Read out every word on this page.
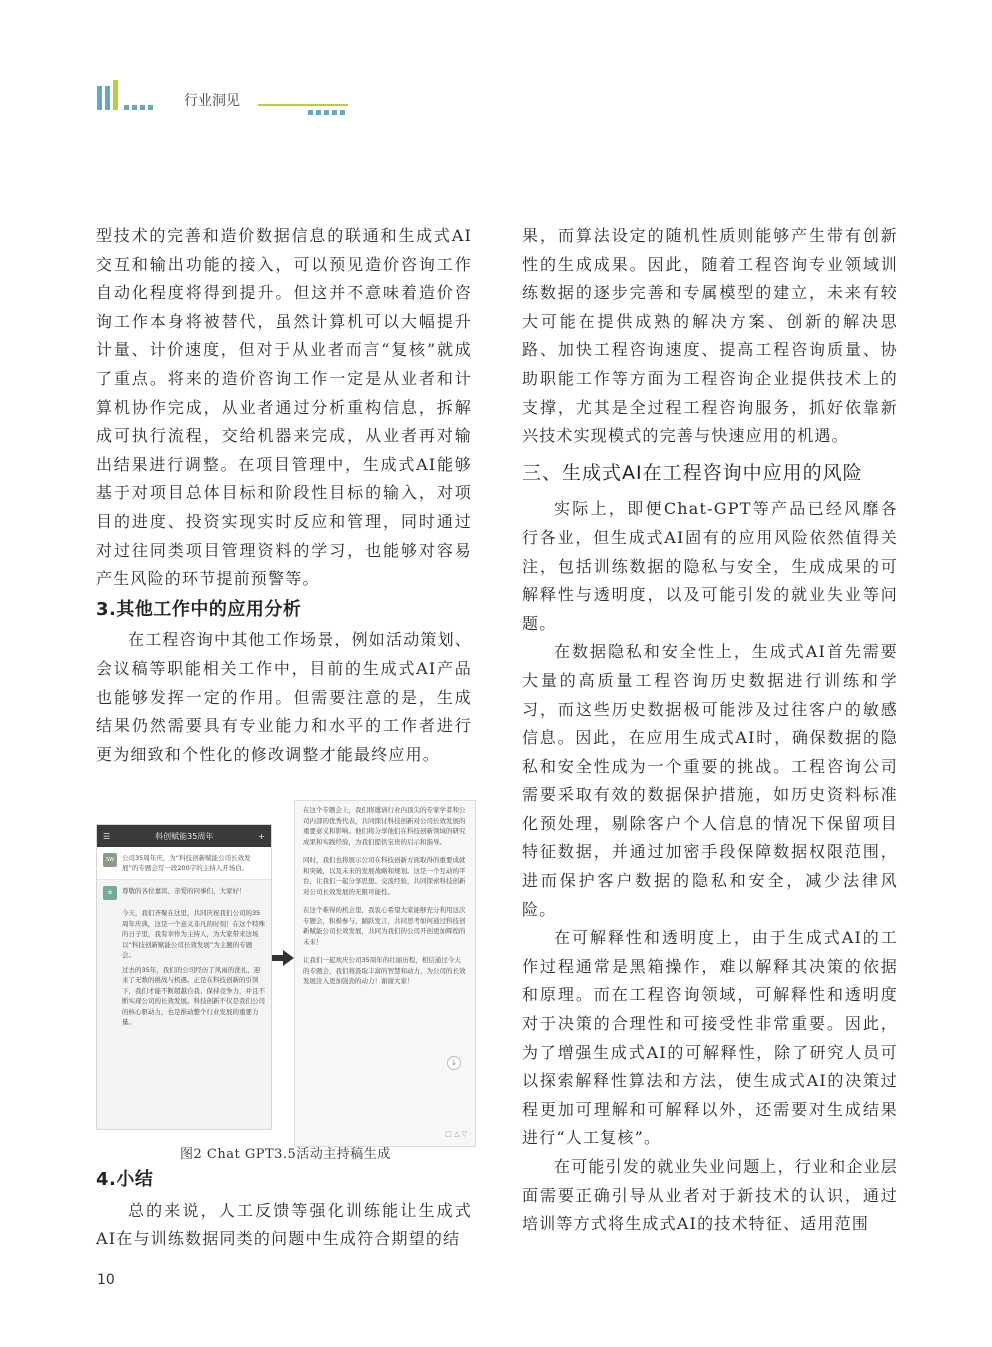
行业洞见

型技术的完善和造价数据信息的联通和生成式AI交互和输出功能的接入，可以预见造价咨询工作自动化程度将得到提升。但这并不意味着造价咨询工作本身将被替代，虽然计算机可以大幅提升计量、计价速度，但对于从业者而言“复核”就成了重点。将来的造价咨询工作一定是从业者和计算机协作完成，从业者通过分析重构信息，拆解成可执行流程，交给机器来完成，从业者再对输出结果进行调整。在项目管理中，生成式AI能够基于对项目总体目标和阶段性目标的输入，对项目的进度、投资实现实时反应和管理，同时通过对过往同类项目管理资料的学习，也能够对容易产生风险的环节提前预警等。

3.其他工作中的应用分析

在工程咨询中其他工作场景，例如活动策划、会议稿等职能相关工作中，目前的生成式AI产品也能够发挥一定的作用。但需要注意的是，生成结果仍然需要具有专业能力和水平的工作者进行更为细致和个性化的修改调整才能最终应用。

☰	科创赋能35周年	+
SW	公司35周年庆，为“科技创新赋能公司长效发展”的专题会写一段200字的主持人开场白。
✿	尊敬的各位嘉宾、亲爱的同事们，大家好！
今天，我们齐聚在这里，共同庆祝我们公司的35周年庆典，这是一个意义非凡的时刻！在这个特殊的日子里，我有幸作为主持人，为大家带来这场以“科技创新赋能公司长效发展”为主题的专题会。
过去的35年，我们的公司经历了风雨的洗礼，迎来了无数的挑战与机遇。正是在科技创新的引领下，我们才能不断超越自我、保持竞争力，并且不断实现公司的长效发展。科技创新不仅是我们公司的核心驱动力，也是推动整个行业发展的重要力量。
在这个专题会上，我们将邀请行业内顶尖的专家学者和公司内部的优秀代表，共同探讨科技创新对公司长效发展的重要意义和影响。他们将分享他们在科技创新领域的研究成果和实践经验，为我们提供宝贵的启示和指导。
同时，我们也将展示公司在科技创新方面取得的重要成就和突破，以及未来的发展战略和规划。这是一个互动的平台，让我们一起分享思想、交流经验，共同探索科技创新对公司长效发展的无限可能性。
在这个难得的机会里，我衷心希望大家能够充分利用这次专题会，积极参与、踊跃发言，共同思考如何通过科技创新赋能公司长效发展，共同为我们的公司开创更加辉煌的未来！
让我们一起欢庆公司35周年的壮丽历程，相信通过今天的专题会，我们将汲取丰富的智慧和动力，为公司的长效发展注入更加强劲的动力！谢谢大家！
↓
□ △ ▽
图2 Chat GPT3.5活动主持稿生成
4.小结

总的来说，人工反馈等强化训练能让生成式AI在与训练数据同类的问题中生成符合期望的结

果，而算法设定的随机性质则能够产生带有创新性的生成成果。因此，随着工程咨询专业领域训练数据的逐步完善和专属模型的建立，未来有较大可能在提供成熟的解决方案、创新的解决思路、加快工程咨询速度、提高工程咨询质量、协助职能工作等方面为工程咨询企业提供技术上的支撑，尤其是全过程工程咨询服务，抓好依靠新兴技术实现模式的完善与快速应用的机遇。

三、生成式AI在工程咨询中应用的风险

实际上，即便Chat-GPT等产品已经风靡各行各业，但生成式AI固有的应用风险依然值得关注，包括训练数据的隐私与安全，生成成果的可解释性与透明度，以及可能引发的就业失业等问题。

在数据隐私和安全性上，生成式AI首先需要大量的高质量工程咨询历史数据进行训练和学习，而这些历史数据极可能涉及过往客户的敏感信息。因此，在应用生成式AI时，确保数据的隐私和安全性成为一个重要的挑战。工程咨询公司需要采取有效的数据保护措施，如历史资料标准化预处理，剔除客户个人信息的情况下保留项目特征数据，并通过加密手段保障数据权限范围，进而保护客户数据的隐私和安全，减少法律风险。

在可解释性和透明度上，由于生成式AI的工作过程通常是黑箱操作，难以解释其决策的依据和原理。而在工程咨询领域，可解释性和透明度对于决策的合理性和可接受性非常重要。因此，为了增强生成式AI的可解释性，除了研究人员可以探索解释性算法和方法，使生成式AI的决策过程更加可理解和可解释以外，还需要对生成结果进行“人工复核”。

在可能引发的就业失业问题上，行业和企业层面需要正确引导从业者对于新技术的认识，通过培训等方式将生成式AI的技术特征、适用范围

10
